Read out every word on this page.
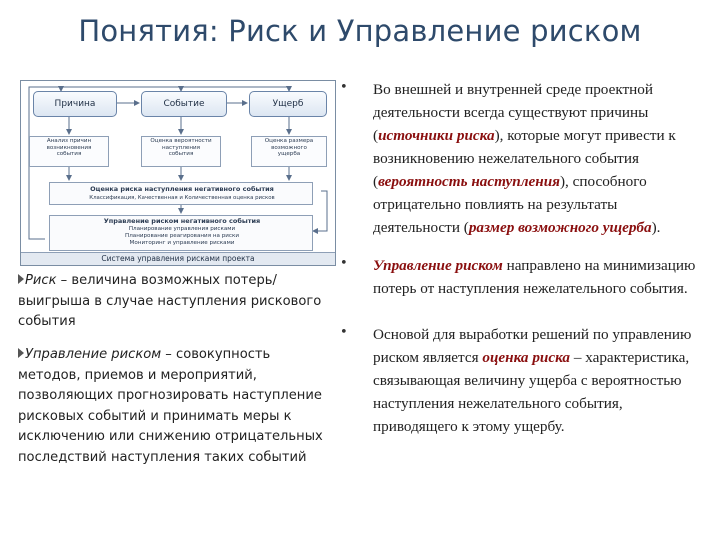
Понятия: Риск и Управление риском
Причина	Событие	Ущерб
Анализ причин
возникновения
события
Оценка вероятности
наступления
события
Оценка размера
возможного
ущерба
Оценка риска наступления негативного события
Классификация, Качественная и Количественная оценка рисков
Управление риском негативного события
Планирование управления рисками
Планирование реагирования на риски
Мониторинг и управление рисками
Система управления рисками проекта
Риск – величина возможных потерь/выигрыша в случае наступления рискового события
Управление риском – совокупность методов, приемов и мероприятий, позволяющих прогнозировать наступление рисковых событий и принимать меры к исключению или снижению отрицательных последствий наступления таких событий
• Во внешней и внутренней среде проектной деятельности всегда существуют причины (источники риска), которые могут привести к возникновению нежелательного события (вероятность наступления), способного отрицательно повлиять на результаты деятельности (размер возможного ущерба).
• Управление риском направлено на минимизацию потерь от наступления нежелательного события.
• Основой для выработки решений по управлению риском является оценка риска – характеристика, связывающая величину ущерба с вероятностью наступления нежелательного события, приводящего к этому ущербу.
